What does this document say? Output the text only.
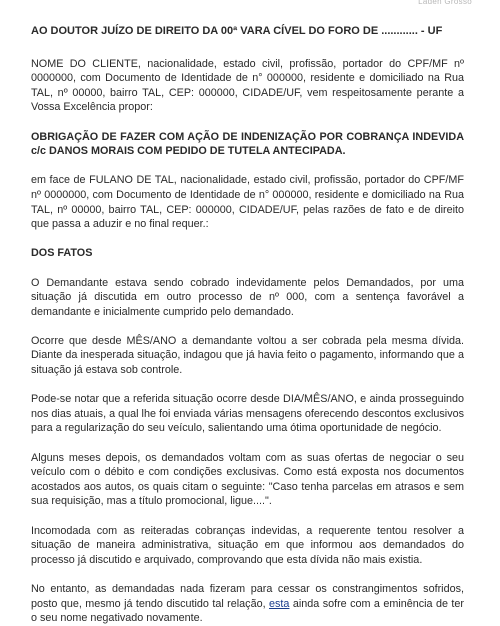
Laden Grosso

AO DOUTOR JUÍZO DE DIREITO DA 00ª VARA CÍVEL DO FORO DE ............ - UF

NOME DO CLIENTE, nacionalidade, estado civil, profissão, portador do CPF/MF nº 0000000, com Documento de Identidade de n° 000000, residente e domiciliado na Rua TAL, nº 00000, bairro TAL, CEP: 000000, CIDADE/UF, vem respeitosamente perante a Vossa Excelência propor:

OBRIGAÇÃO DE FAZER COM AÇÃO DE INDENIZAÇÃO POR COBRANÇA INDEVIDA c/c DANOS MORAIS COM PEDIDO DE TUTELA ANTECIPADA.

em face de FULANO DE TAL, nacionalidade, estado civil, profissão, portador do CPF/MF nº 0000000, com Documento de Identidade de n° 000000, residente e domiciliado na Rua TAL, nº 00000, bairro TAL, CEP: 000000, CIDADE/UF, pelas razões de fato e de direito que passa a aduzir e no final requer.:

DOS FATOS

O Demandante estava sendo cobrado indevidamente pelos Demandados, por uma situação já discutida em outro processo de nº 000, com a sentença favorável a demandante e inicialmente cumprido pelo demandado.

Ocorre que desde MÊS/ANO a demandante voltou a ser cobrada pela mesma dívida. Diante da inesperada situação, indagou que já havia feito o pagamento, informando que a situação já estava sob controle.

Pode-se notar que a referida situação ocorre desde DIA/MÊS/ANO, e ainda prosseguindo nos dias atuais, a qual lhe foi enviada várias mensagens oferecendo descontos exclusivos para a regularização do seu veículo, salientando uma ótima oportunidade de negócio.

Alguns meses depois, os demandados voltam com as suas ofertas de negociar o seu veículo com o débito e com condições exclusivas. Como está exposta nos documentos acostados aos autos, os quais citam o seguinte: "Caso tenha parcelas em atrasos e sem sua requisição, mas a título promocional, ligue....".

Incomodada com as reiteradas cobranças indevidas, a requerente tentou resolver a situação de maneira administrativa, situação em que informou aos demandados do processo já discutido e arquivado, comprovando que esta dívida não mais existia.

No entanto, as demandadas nada fizeram para cessar os constrangimentos sofridos, posto que, mesmo já tendo discutido tal relação, esta ainda sofre com a eminência de ter o seu nome negativado novamente.
